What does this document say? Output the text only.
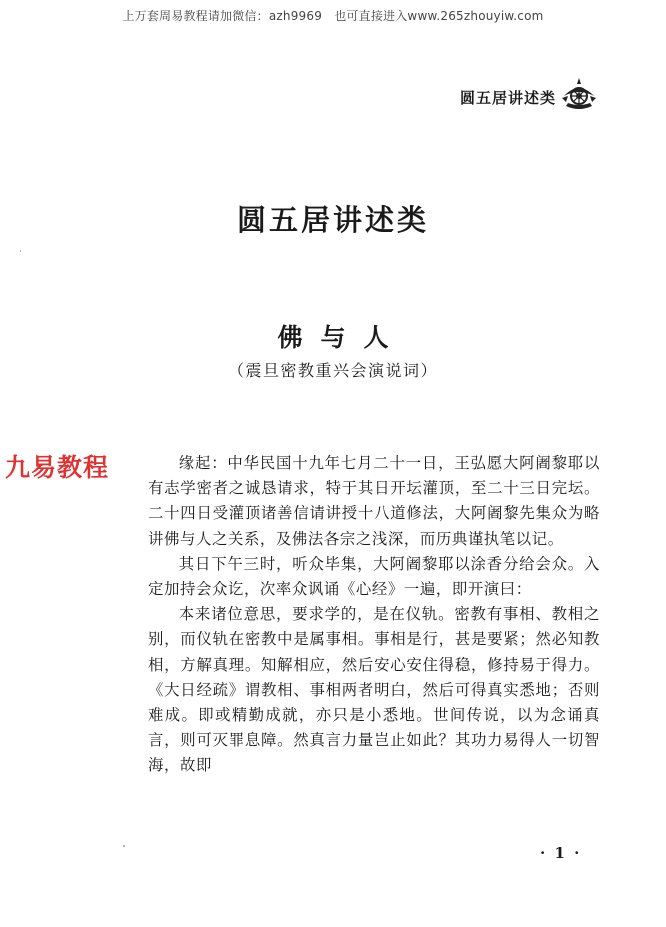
上万套周易教程请加微信：azh9969　也可直接进入www.265zhouyiw.com
圆五居讲述类
圆五居讲述类
佛与人
（震旦密教重兴会演说词）
九易教程	缘起：中华民国十九年七月二十一日，王弘愿大阿阇黎耶以有志学密者之诚恳请求，特于其日开坛灌顶，至二十三日完坛。二十四日受灌顶诸善信请讲授十八道修法，大阿阇黎先集众为略讲佛与人之关系，及佛法各宗之浅深，而历典谨执笔以记。

其日下午三时，听众毕集，大阿阇黎耶以涂香分给会众。入定加持会众讫，次率众讽诵《心经》一遍，即开演曰：

本来诸位意思，要求学的，是在仪轨。密教有事相、教相之别，而仪轨在密教中是属事相。事相是行，甚是要紧；然必知教相，方解真理。知解相应，然后安心安住得稳，修持易于得力。《大日经疏》谓教相、事相两者明白，然后可得真实悉地；否则难成。即或精勤成就，亦只是小悉地。世间传说，以为念诵真言，则可灭罪息障。然真言力量岂止如此？其功力易得人一切智海，故即

· 1 ·
